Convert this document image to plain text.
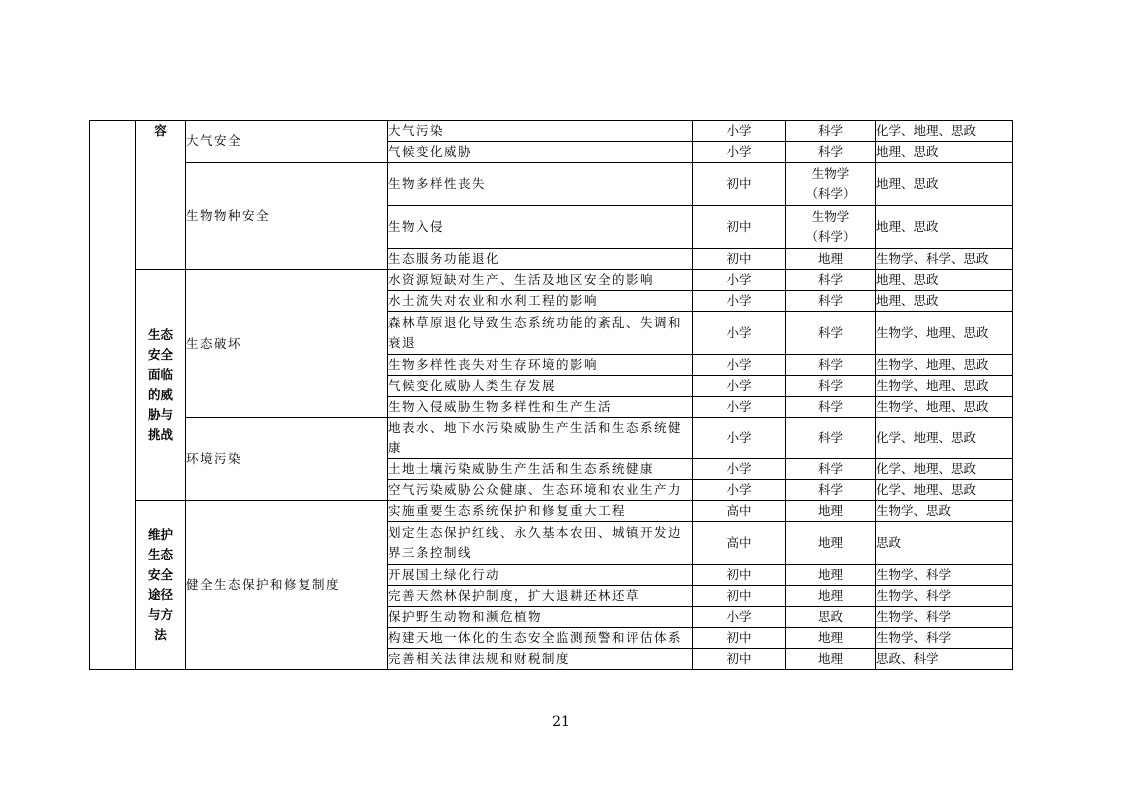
	容	大气安全	大气污染	小学	科学	化学、地理、思政
			气候变化威胁	小学	科学	地理、思政
		生物物种安全	生物多样性丧失	初中	生物学（科学）	地理、思政
			生物入侵	初中	生物学（科学）	地理、思政
			生态服务功能退化	初中	地理	生物学、科学、思政
	生态安全面临的威胁与挑战	生态破坏	水资源短缺对生产、生活及地区安全的影响	小学	科学	地理、思政
			水土流失对农业和水利工程的影响	小学	科学	地理、思政
			森林草原退化导致生态系统功能的紊乱、失调和衰退	小学	科学	生物学、地理、思政
			生物多样性丧失对生存环境的影响	小学	科学	生物学、地理、思政
			气候变化威胁人类生存发展	小学	科学	生物学、地理、思政
			生物入侵威胁生物多样性和生产生活	小学	科学	生物学、地理、思政
		环境污染	地表水、地下水污染威胁生产生活和生态系统健康	小学	科学	化学、地理、思政
			土地土壤污染威胁生产生活和生态系统健康	小学	科学	化学、地理、思政
			空气污染威胁公众健康、生态环境和农业生产力	小学	科学	化学、地理、思政
	维护生态安全途径与方法	健全生态保护和修复制度	实施重要生态系统保护和修复重大工程	高中	地理	生物学、思政
			划定生态保护红线、永久基本农田、城镇开发边界三条控制线	高中	地理	思政
			开展国土绿化行动	初中	地理	生物学、科学
			完善天然林保护制度，扩大退耕还林还草	初中	地理	生物学、科学
			保护野生动物和濒危植物	小学	思政	生物学、科学
			构建天地一体化的生态安全监测预警和评估体系	初中	地理	生物学、科学
			完善相关法律法规和财税制度	初中	地理	思政、科学
21
